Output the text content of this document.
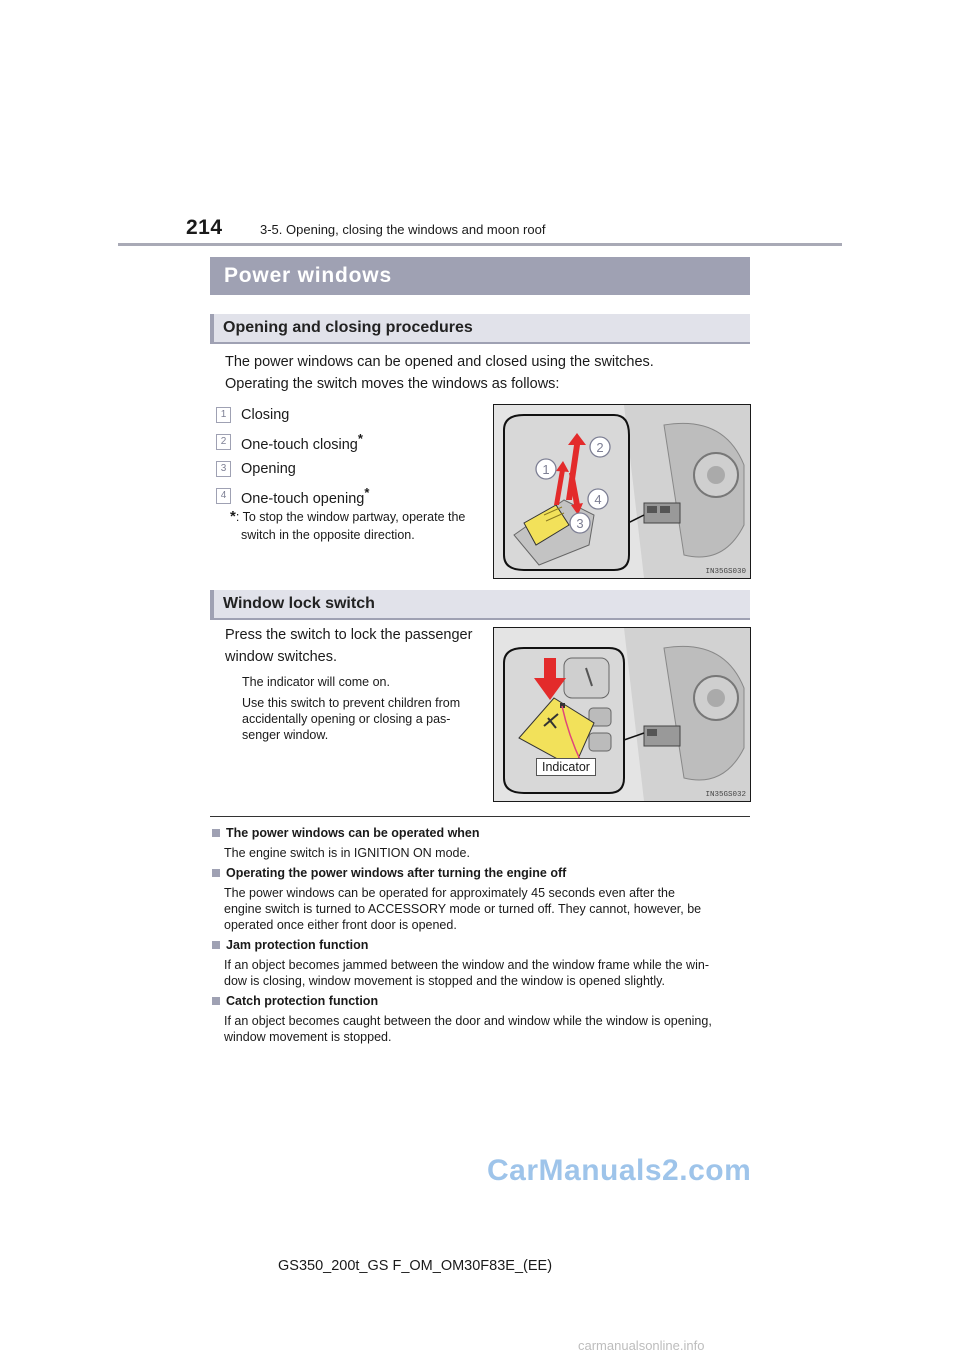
214	3-5. Opening, closing the windows and moon roof
Power windows
Opening and closing procedures
The power windows can be opened and closed using the switches.
Operating the switch moves the windows as follows:
1	Closing
2	One-touch closing*
3	Opening
4	One-touch opening*
*: To stop the window partway, operate the
switch in the opposite direction.
2
1
4
3
IN35GS030
Window lock switch
Press the switch to lock the passenger
window switches.
The indicator will come on.
Use this switch to prevent children from
accidentally opening or closing a pas-
senger window.
Indicator
IN35GS032
The power windows can be operated when
The engine switch is in IGNITION ON mode.
Operating the power windows after turning the engine off
The power windows can be operated for approximately 45 seconds even after the
engine switch is turned to ACCESSORY mode or turned off. They cannot, however, be
operated once either front door is opened.
Jam protection function
If an object becomes jammed between the window and the window frame while the win-
dow is closing, window movement is stopped and the window is opened slightly.
Catch protection function
If an object becomes caught between the door and window while the window is opening,
window movement is stopped.
CarManuals2.com
GS350_200t_GS F_OM_OM30F83E_(EE)
carmanualsonline.info
